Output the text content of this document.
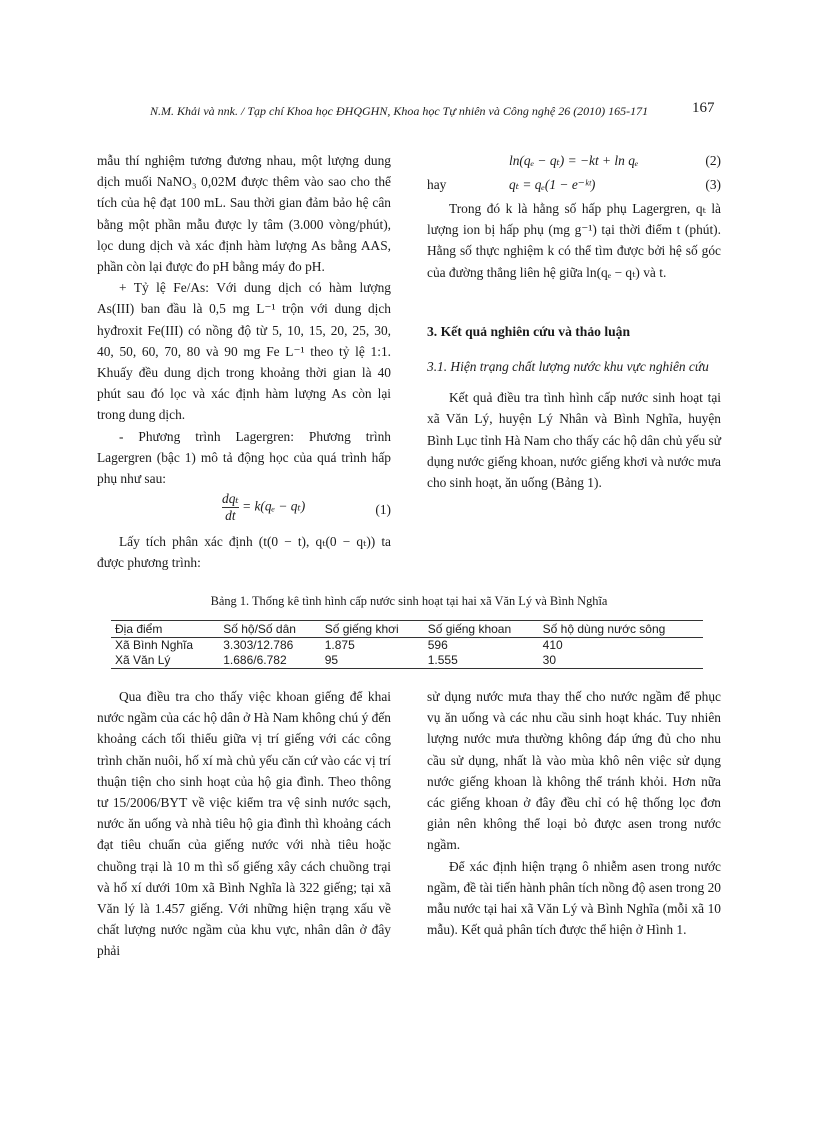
N.M. Khải và nnk. / Tạp chí Khoa học ĐHQGHN, Khoa học Tự nhiên và Công nghệ 26 (2010) 165-171	167

mẫu thí nghiệm tương đương nhau, một lượng dung dịch muối NaNO₃ 0,02M được thêm vào sao cho thể tích của hệ đạt 100 mL. Sau thời gian đảm bảo hệ cân bằng một phần mẫu được ly tâm (3.000 vòng/phút), lọc dung dịch và xác định hàm lượng As bằng AAS, phần còn lại được đo pH bằng máy đo pH.

+ Tỷ lệ Fe/As: Với dung dịch có hàm lượng As(III) ban đầu là 0,5 mg L⁻¹ trộn với dung dịch hyđroxit Fe(III) có nồng độ từ 5, 10, 15, 20, 25, 30, 40, 50, 60, 70, 80 và 90 mg Fe L⁻¹ theo tỷ lệ 1:1. Khuấy đều dung dịch trong khoảng thời gian là 40 phút sau đó lọc và xác định hàm lượng As còn lại trong dung dịch.

- Phương trình Lagergren: Phương trình Lagergren (bậc 1) mô tả động học của quá trình hấp phụ như sau:

$\frac{\text{dqₜ}}{dt} = k(q_e - q_t)$	(1)

Lấy tích phân xác định (t(0 − t), qₜ(0 − qₜ)) ta được phương trình:

ln(qₑ − qₜ) = −kt + ln qₑ	(2)
hay	qₜ = qₑ(1 − e⁻ᵏᵗ)	(3)

Trong đó k là hằng số hấp phụ Lagergren, qₜ là lượng ion bị hấp phụ (mg g⁻¹) tại thời điểm t (phút). Hằng số thực nghiệm k có thể tìm được bởi hệ số góc của đường thẳng liên hệ giữa ln(qₑ − qₜ) và t.

3. Kết quả nghiên cứu và thảo luận

3.1. Hiện trạng chất lượng nước khu vực nghiên cứu

Kết quả điều tra tình hình cấp nước sinh hoạt tại xã Văn Lý, huyện Lý Nhân và Bình Nghĩa, huyện Bình Lục tỉnh Hà Nam cho thấy các hộ dân chủ yếu sử dụng nước giếng khoan, nước giếng khơi và nước mưa cho sinh hoạt, ăn uống (Bảng 1).

Bảng 1. Thống kê tình hình cấp nước sinh hoạt tại hai xã Văn Lý và Bình Nghĩa
Địa điểm	Số hộ/Số dân	Số giếng khơi	Số giếng khoan	Số hộ dùng nước sông
Xã Bình Nghĩa	3.303/12.786	1.875	596	410
Xã Văn Lý	1.686/6.782	95	1.555	30

Qua điều tra cho thấy việc khoan giếng để khai nước ngầm của các hộ dân ở Hà Nam không chú ý đến khoảng cách tối thiểu giữa vị trí giếng với các công trình chăn nuôi, hố xí mà chủ yếu căn cứ vào các vị trí thuận tiện cho sinh hoạt của hộ gia đình. Theo thông tư 15/2006/BYT về việc kiểm tra vệ sinh nước sạch, nước ăn uống và nhà tiêu hộ gia đình thì khoảng cách đạt tiêu chuẩn của giếng nước với nhà tiêu hoặc chuồng trại là 10 m thì số giếng xây cách chuồng trại và hố xí dưới 10m xã Bình Nghĩa là 322 giếng; tại xã Văn lý là 1.457 giếng. Với những hiện trạng xấu về chất lượng nước ngầm của khu vực, nhân dân ở đây phải

sử dụng nước mưa thay thế cho nước ngầm để phục vụ ăn uống và các nhu cầu sinh hoạt khác. Tuy nhiên lượng nước mưa thường không đáp ứng đủ cho nhu cầu sử dụng, nhất là vào mùa khô nên việc sử dụng nước giếng khoan là không thể tránh khỏi. Hơn nữa các giếng khoan ở đây đều chỉ có hệ thống lọc đơn giản nên không thể loại bỏ được asen trong nước ngầm.

Để xác định hiện trạng ô nhiễm asen trong nước ngầm, đề tài tiến hành phân tích nồng độ asen trong 20 mẫu nước tại hai xã Văn Lý và Bình Nghĩa (mỗi xã 10 mẫu). Kết quả phân tích được thể hiện ở Hình 1.
